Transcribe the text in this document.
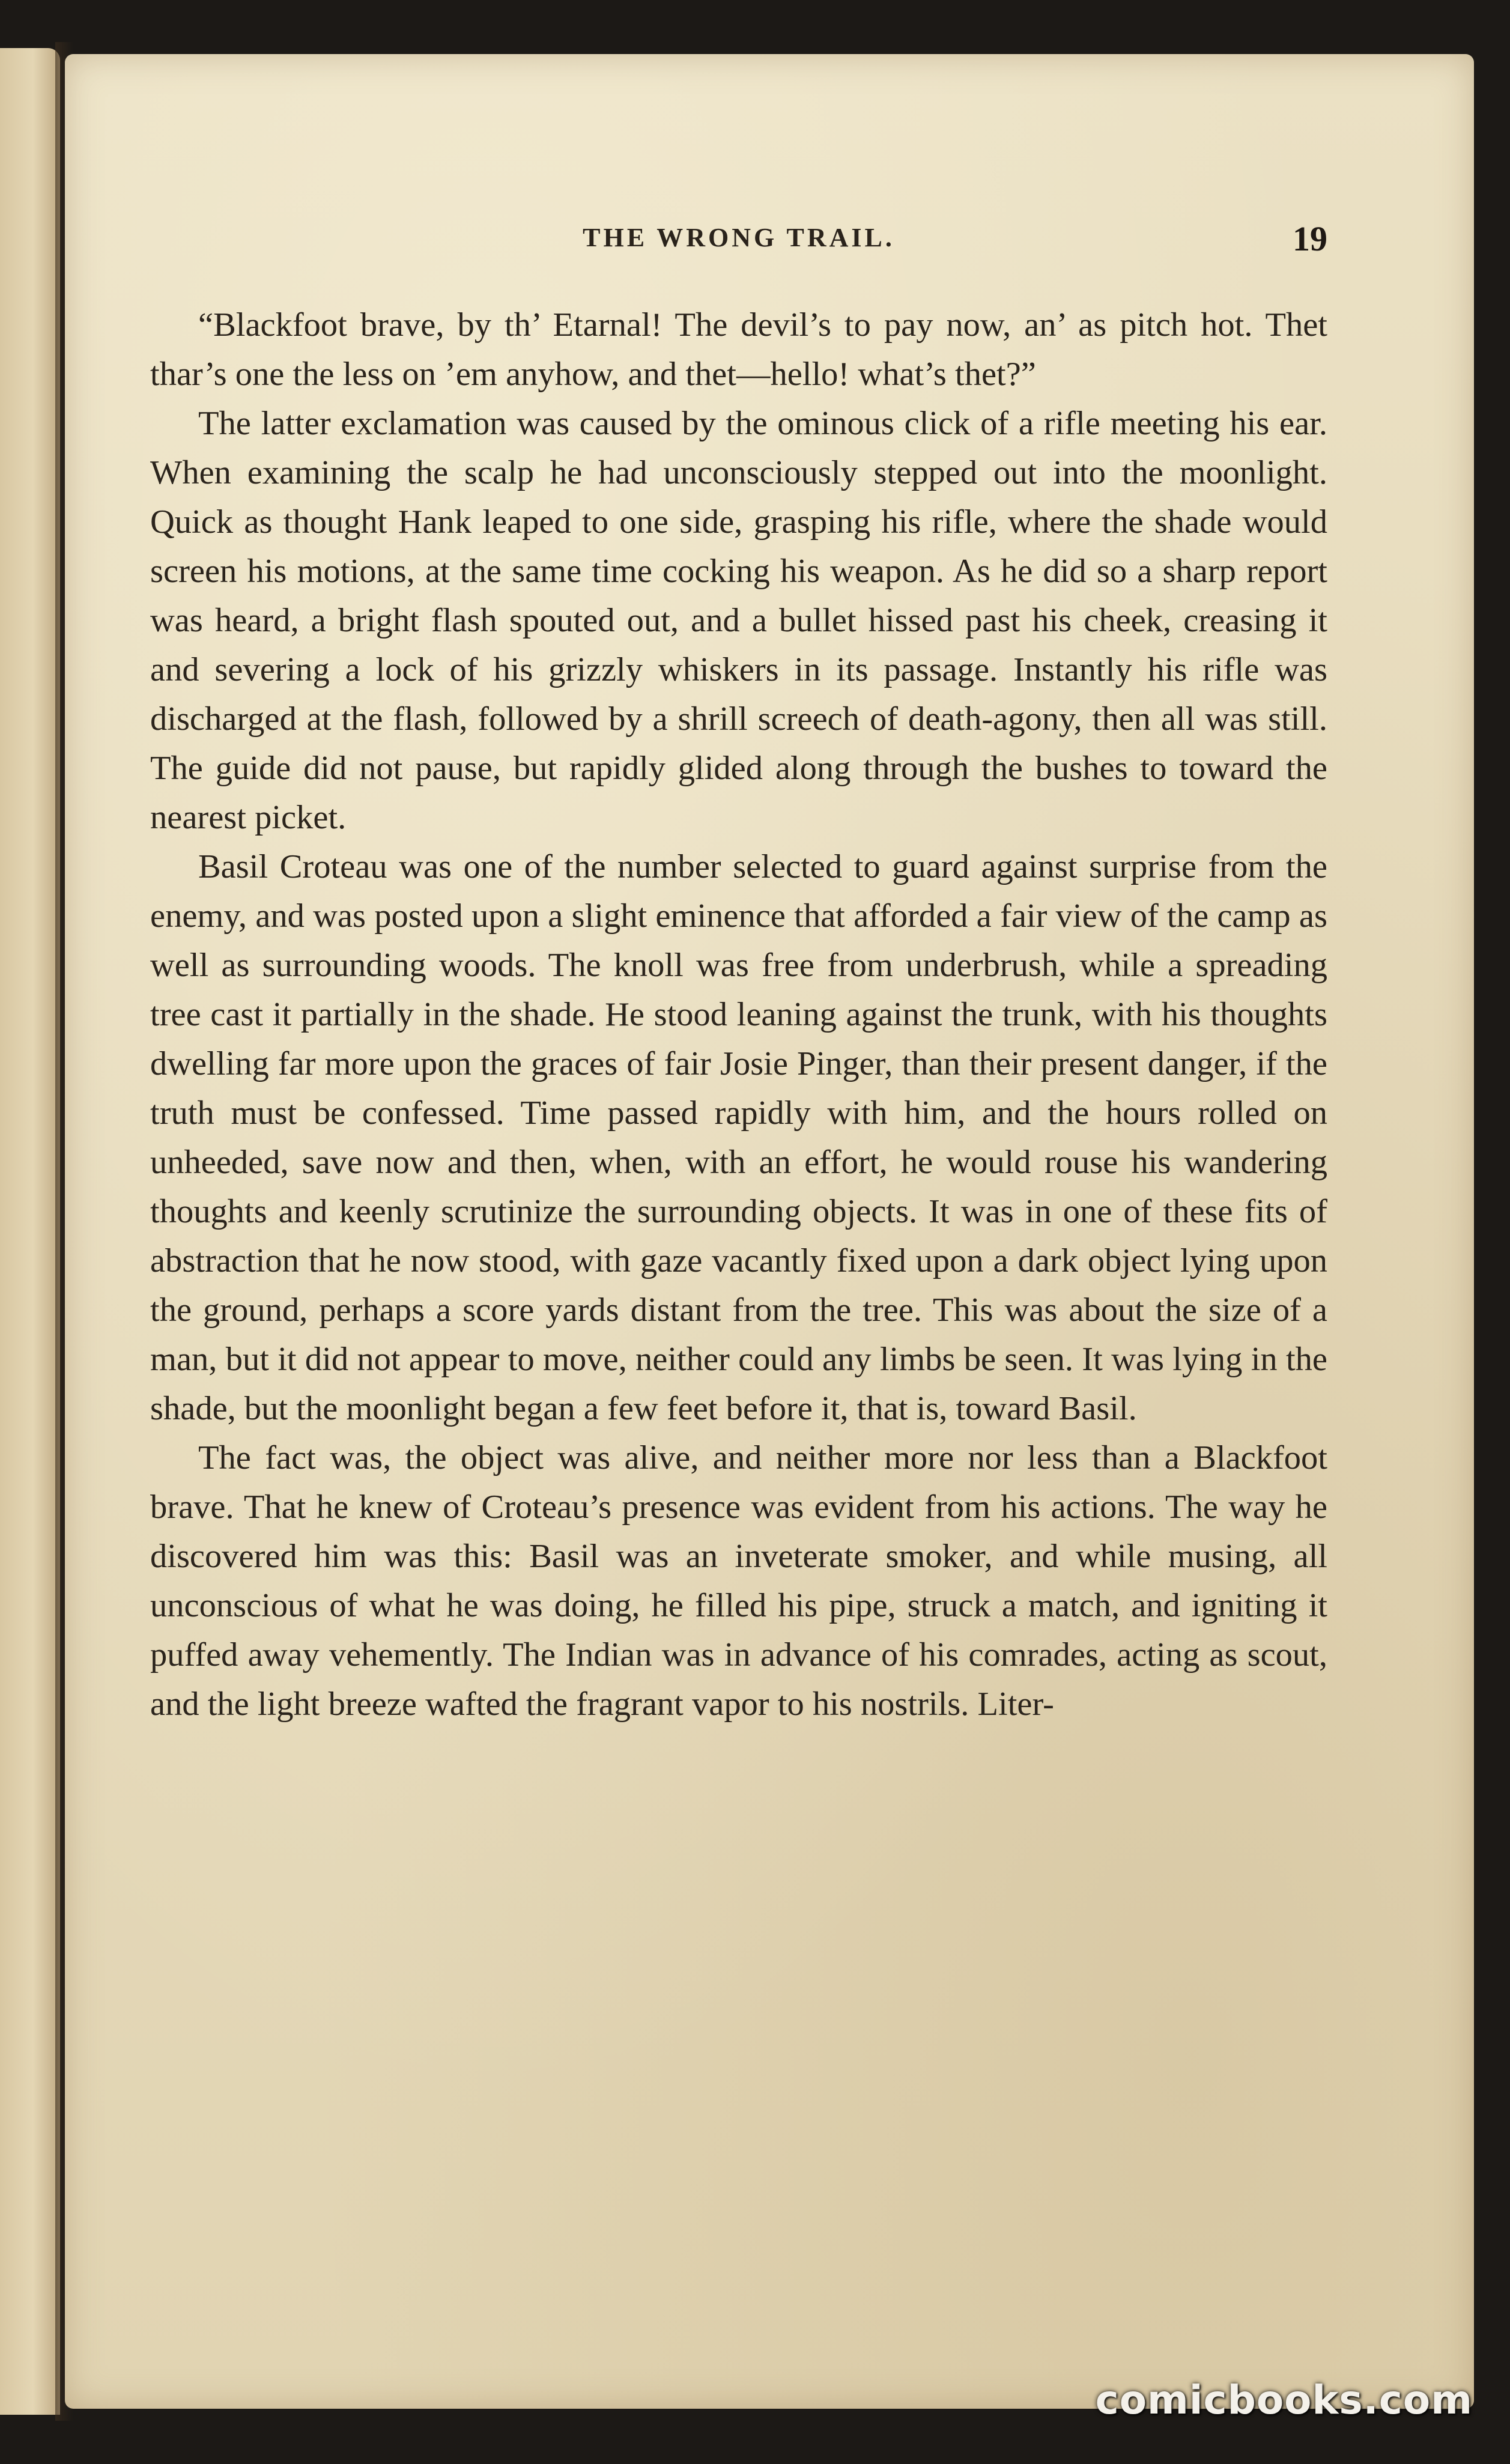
THE WRONG TRAIL.	19

“Blackfoot brave, by th’ Etarnal! The devil’s to pay now, an’ as pitch hot. Thet thar’s one the less on ’em anyhow, and thet—hello! what’s thet?”

The latter exclamation was caused by the ominous click of a rifle meeting his ear. When examining the scalp he had unconsciously stepped out into the moonlight. Quick as thought Hank leaped to one side, grasping his rifle, where the shade would screen his motions, at the same time cocking his weapon. As he did so a sharp report was heard, a bright flash spouted out, and a bullet hissed past his cheek, creasing it and severing a lock of his grizzly whiskers in its passage. Instantly his rifle was discharged at the flash, followed by a shrill screech of death-agony, then all was still. The guide did not pause, but rapidly glided along through the bushes to toward the nearest picket.

Basil Croteau was one of the number selected to guard against surprise from the enemy, and was posted upon a slight eminence that afforded a fair view of the camp as well as surrounding woods. The knoll was free from underbrush, while a spreading tree cast it partially in the shade. He stood leaning against the trunk, with his thoughts dwelling far more upon the graces of fair Josie Pinger, than their present danger, if the truth must be confessed. Time passed rapidly with him, and the hours rolled on unheeded, save now and then, when, with an effort, he would rouse his wandering thoughts and keenly scrutinize the surrounding objects. It was in one of these fits of abstraction that he now stood, with gaze vacantly fixed upon a dark object lying upon the ground, perhaps a score yards distant from the tree. This was about the size of a man, but it did not appear to move, neither could any limbs be seen. It was lying in the shade, but the moonlight began a few feet before it, that is, toward Basil.

The fact was, the object was alive, and neither more nor less than a Blackfoot brave. That he knew of Croteau’s presence was evident from his actions. The way he discovered him was this: Basil was an inveterate smoker, and while musing, all unconscious of what he was doing, he filled his pipe, struck a match, and igniting it puffed away vehemently. The Indian was in advance of his comrades, acting as scout, and the light breeze wafted the fragrant vapor to his nostrils. Liter-

comicbooks.com
